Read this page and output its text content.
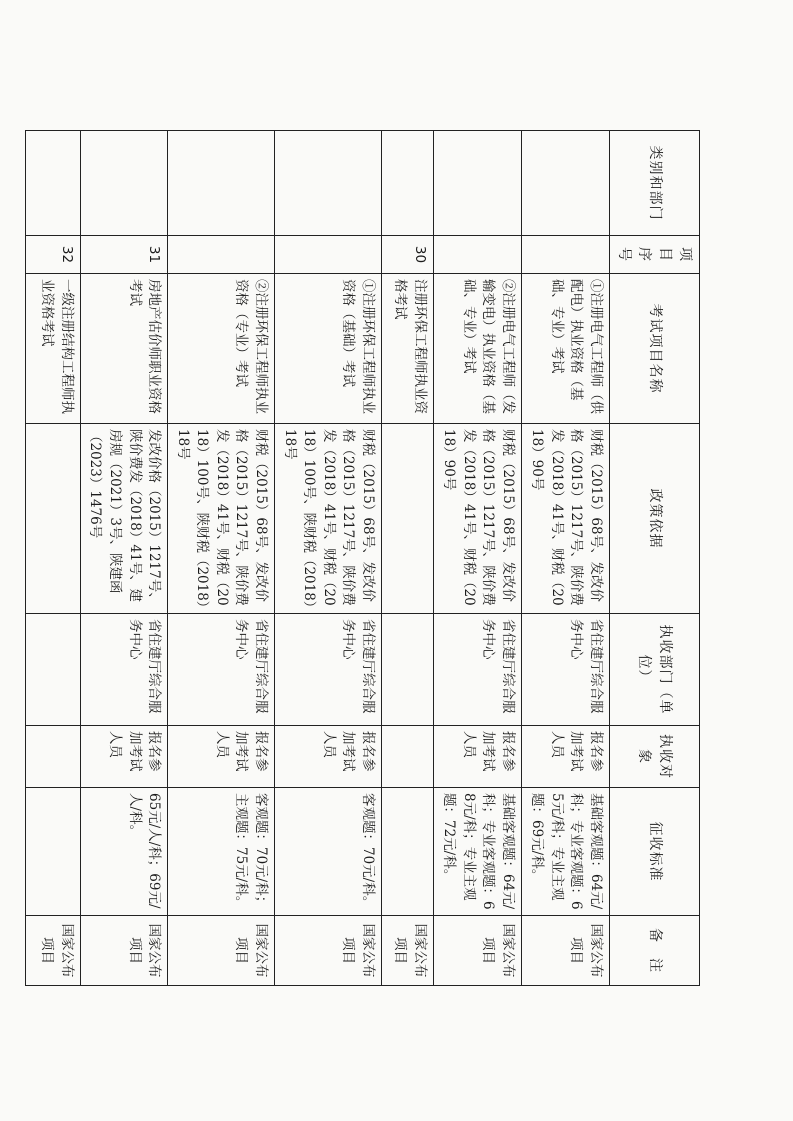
类别和部门	项目序号	考试项目名称	政策依据	执收部门（单位）	执收对象	征收标准	备　注
		①注册电气工程师（供配电）执业资格（基础、专业）考试	财税（2015）68号、发改价格（2015）1217号、陕价费发（2018）41号、财税（2018）90号	省住建厅综合服务中心	报名参加考试人员	基础客观题：64元/科；专业客观题：65元/科；专业主观题：69元/科。	国家公布项目
		②注册电气工程师（发输变电）执业资格（基础、专业）考试	财税（2015）68号、发改价格（2015）1217号、陕价费发（2018）41号、财税（2018）90号	省住建厅综合服务中心	报名参加考试人员	基础客观题：64元/科；专业客观题：68元/科；专业主观题：72元/科。	国家公布项目
	30	注册环保工程师执业资格考试					国家公布项目
		①注册环保工程师执业资格（基础）考试	财税（2015）68号、发改价格（2015）1217号、陕价费发（2018）41号、财税（2018）100号、陕财税（2018）18号	省住建厅综合服务中心	报名参加考试人员	客观题：70元/科。	国家公布项目
		②注册环保工程师执业资格（专业）考试	财税（2015）68号、发改价格（2015）1217号、陕价费发（2018）41号、财税（2018）100号、陕财税（2018）18号	省住建厅综合服务中心	报名参加考试人员	客观题：70元/科；主观题：75元/科。	国家公布项目
	31	房地产估价师职业资格考试	发改价格（2015）1217号、陕价费发（2018）41号、建房规（2021）3号、陕建函（2023）1476号	省住建厅综合服务中心	报名参加考试人员	65元/人/科；69元/人/科。	国家公布项目
	32	一级注册结构工程师执业资格考试					国家公布项目
